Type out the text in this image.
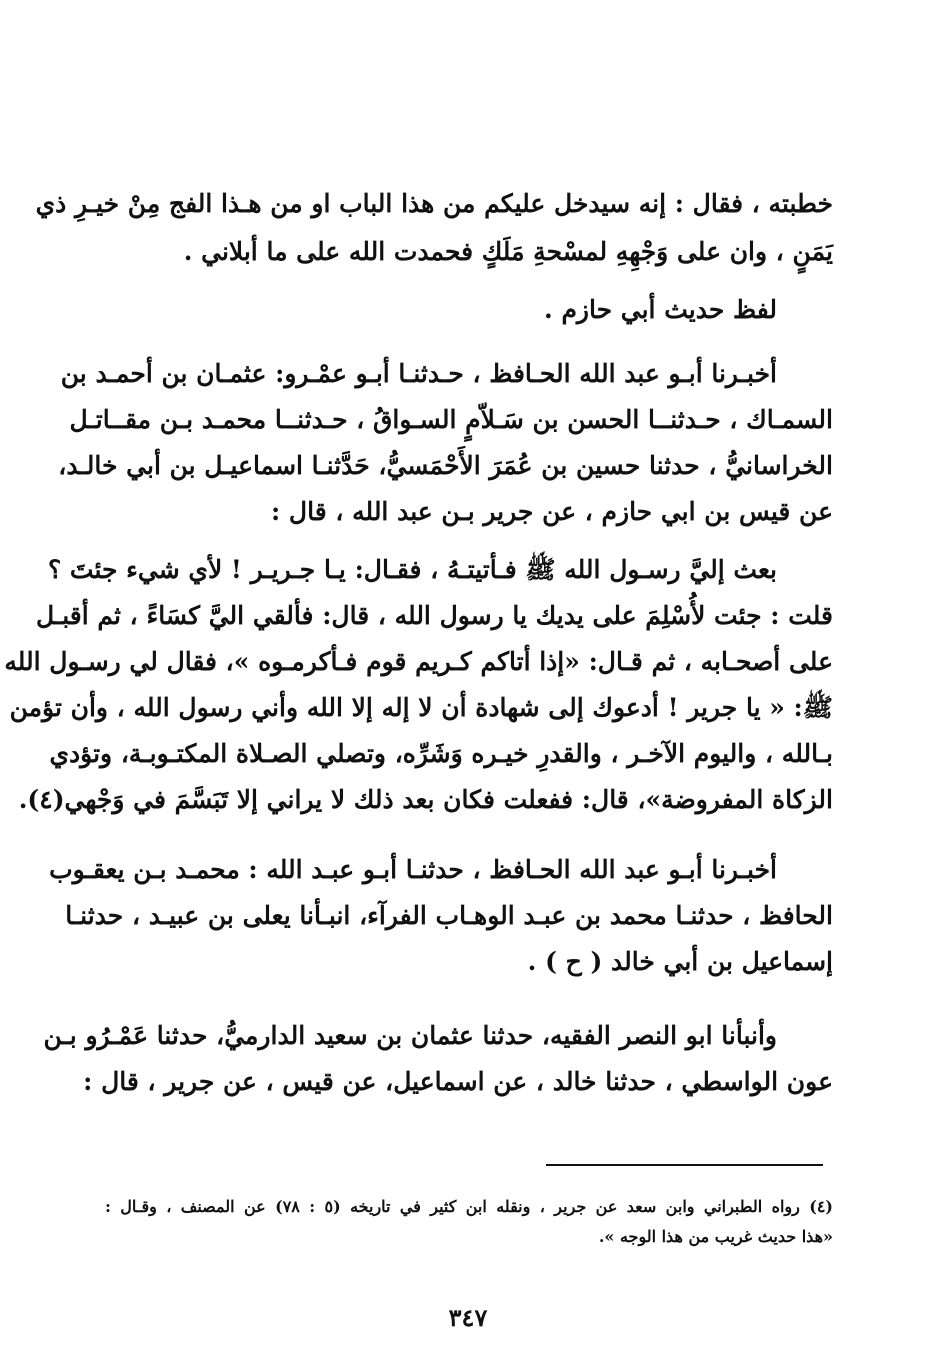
خطبته ، فقال : إنه سيدخل عليكم من هذا الباب او من هـذا الفج مِنْ خيـرِ ذي
يَمَنٍ ، وان على وَجْهِهِ لمسْحةِ مَلَكٍ فحمدت الله على ما أبلاني .
لفظ حديث أبي حازم .
أخبـرنا أبـو عبد الله الحـافظ ، حـدثنـا أبـو عمْـرو: عثمـان بن أحمـد بن
السمـاك ، حـدثنــا الحسن بن سَـلاّمٍ السـواقُ ، حـدثنــا محمـد بـن مقــاتـل
الخراسانيُّ ، حدثنا حسين بن عُمَرَ الأَحْمَسيُّ، حَدَّثنـا اسماعيـل بن أبي خالـد،
عن قيس بن ابي حازم ، عن جرير بـن عبد الله ، قال :
بعث إليَّ رسـول الله ﷺ فـأتيتـهُ ، فقـال: يـا جـريـر ! لأي شيء جئتَ ؟
قلت : جئت لأُسْلِمَ على يديك يا رسول الله ، قال: فألقي اليَّ كسَاءً ، ثم أقبـل
على أصحـابه ، ثم قـال: «إذا أتاكم كـريم قوم فـأكرمـوه »، فقال لي رسـول الله
ﷺ: « يا جرير ! أدعوك إلى شهادة أن لا إله إلا الله وأني رسول الله ، وأن تؤمن
بـالله ، واليوم الآخـر ، والقدرِ خيـره وَشَرِّه، وتصلي الصـلاة المكتـوبـة، وتؤدي
الزكاة المفروضة»، قال: ففعلت فكان بعد ذلك لا يراني إلا تَبَسَّمَ في وَجْهي(٤).
أخبـرنا أبـو عبد الله الحـافظ ، حدثنـا أبـو عبـد الله : محمـد بـن يعقـوب
الحافظ ، حدثنـا محمد بن عبـد الوهـاب الفرآء، انبـأنا يعلى بن عبيـد ، حدثنـا
إسماعيل بن أبي خالد ( ح ) .
وأنبأنا ابو النصر الفقيه، حدثنا عثمان بن سعيد الدارميُّ، حدثنا عَمْـرُو بـن
عون الواسطي ، حدثنا خالد ، عن اسماعيل، عن قيس ، عن جرير ، قال :
(٤) رواه الطبراني وابن سعد عن جرير ، ونقله ابن كثير في تاريخه (٥ : ٧٨) عن المصنف ، وقـال :
«هذا حديث غريب من هذا الوجه ».
٣٤٧
